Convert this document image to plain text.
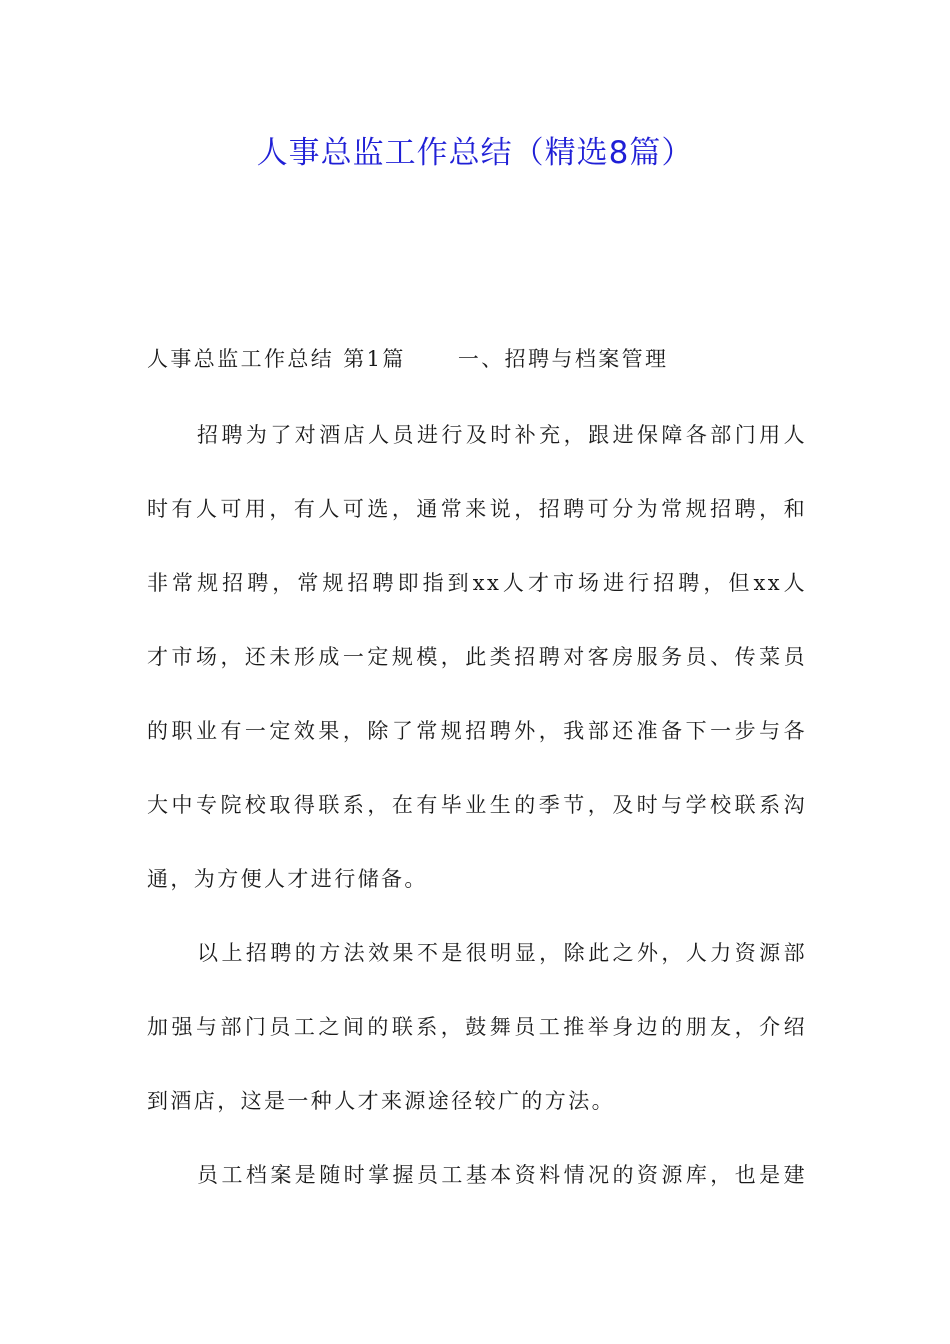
人事总监工作总结（精选8篇）

人事总监工作总结 第1篇 一、招聘与档案管理

招聘为了对酒店人员进行及时补充，跟进保障各部门用人

时有人可用，有人可选，通常来说，招聘可分为常规招聘，和

非常规招聘，常规招聘即指到xx人才市场进行招聘，但xx人

才市场，还未形成一定规模，此类招聘对客房服务员、传菜员

的职业有一定效果，除了常规招聘外，我部还准备下一步与各

大中专院校取得联系，在有毕业生的季节，及时与学校联系沟

通，为方便人才进行储备。

以上招聘的方法效果不是很明显，除此之外，人力资源部

加强与部门员工之间的联系，鼓舞员工推举身边的朋友，介绍

到酒店，这是一种人才来源途径较广的方法。

员工档案是随时掌握员工基本资料情况的资源库，也是建
